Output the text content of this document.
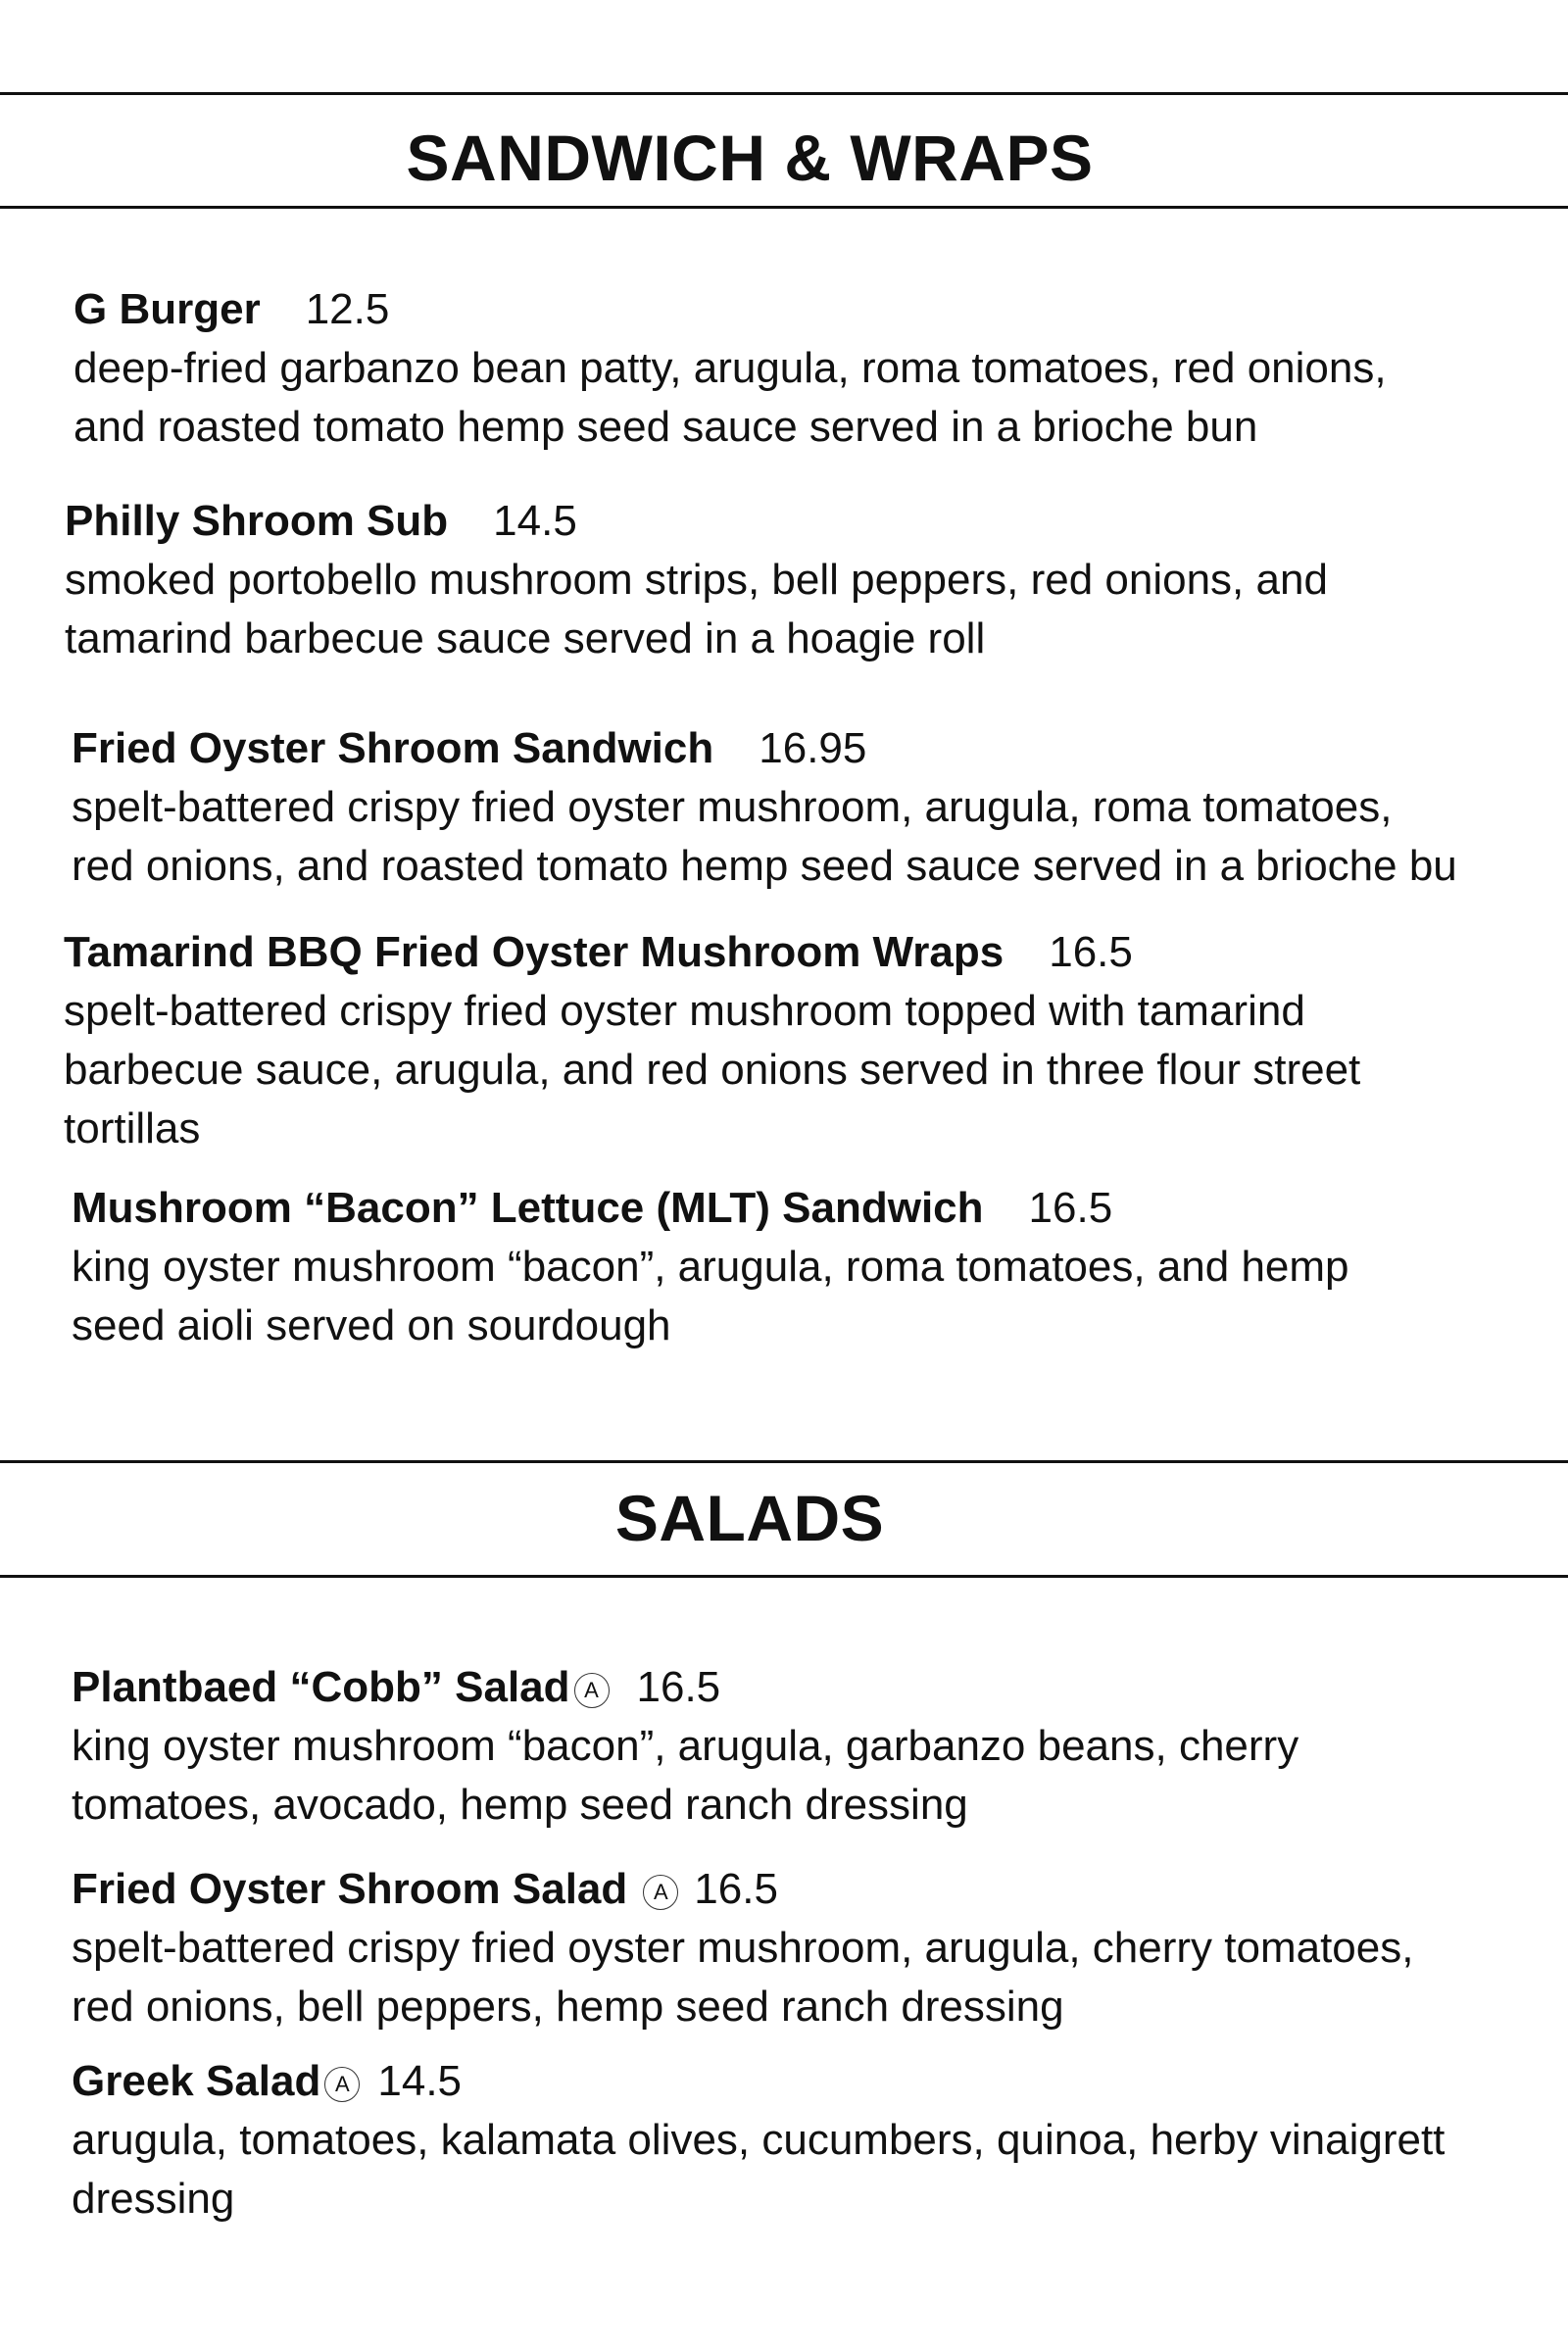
SANDWICH & WRAPS
G Burger 12.5
deep-fried garbanzo bean patty, arugula, roma tomatoes, red onions,
and roasted tomato hemp seed sauce served in a brioche bun
Philly Shroom Sub 14.5
smoked portobello mushroom strips, bell peppers, red onions, and
tamarind barbecue sauce served in a hoagie roll
Fried Oyster Shroom Sandwich 16.95
spelt-battered crispy fried oyster mushroom, arugula, roma tomatoes,
red onions, and roasted tomato hemp seed sauce served in a brioche bu
Tamarind BBQ Fried Oyster Mushroom Wraps 16.5
spelt-battered crispy fried oyster mushroom topped with tamarind
barbecue sauce, arugula, and red onions served in three flour street
tortillas
Mushroom “Bacon” Lettuce (MLT) Sandwich 16.5
king oyster mushroom “bacon”, arugula, roma tomatoes, and hemp
seed aioli served on sourdough
SALADS
Plantbaed “Cobb” Salad A 16.5
king oyster mushroom “bacon”, arugula, garbanzo beans, cherry
tomatoes, avocado, hemp seed ranch dressing
Fried Oyster Shroom Salad A 16.5
spelt-battered crispy fried oyster mushroom, arugula, cherry tomatoes,
red onions, bell peppers, hemp seed ranch dressing
Greek Salad A 14.5
arugula, tomatoes, kalamata olives, cucumbers, quinoa, herby vinaigrett
dressing
